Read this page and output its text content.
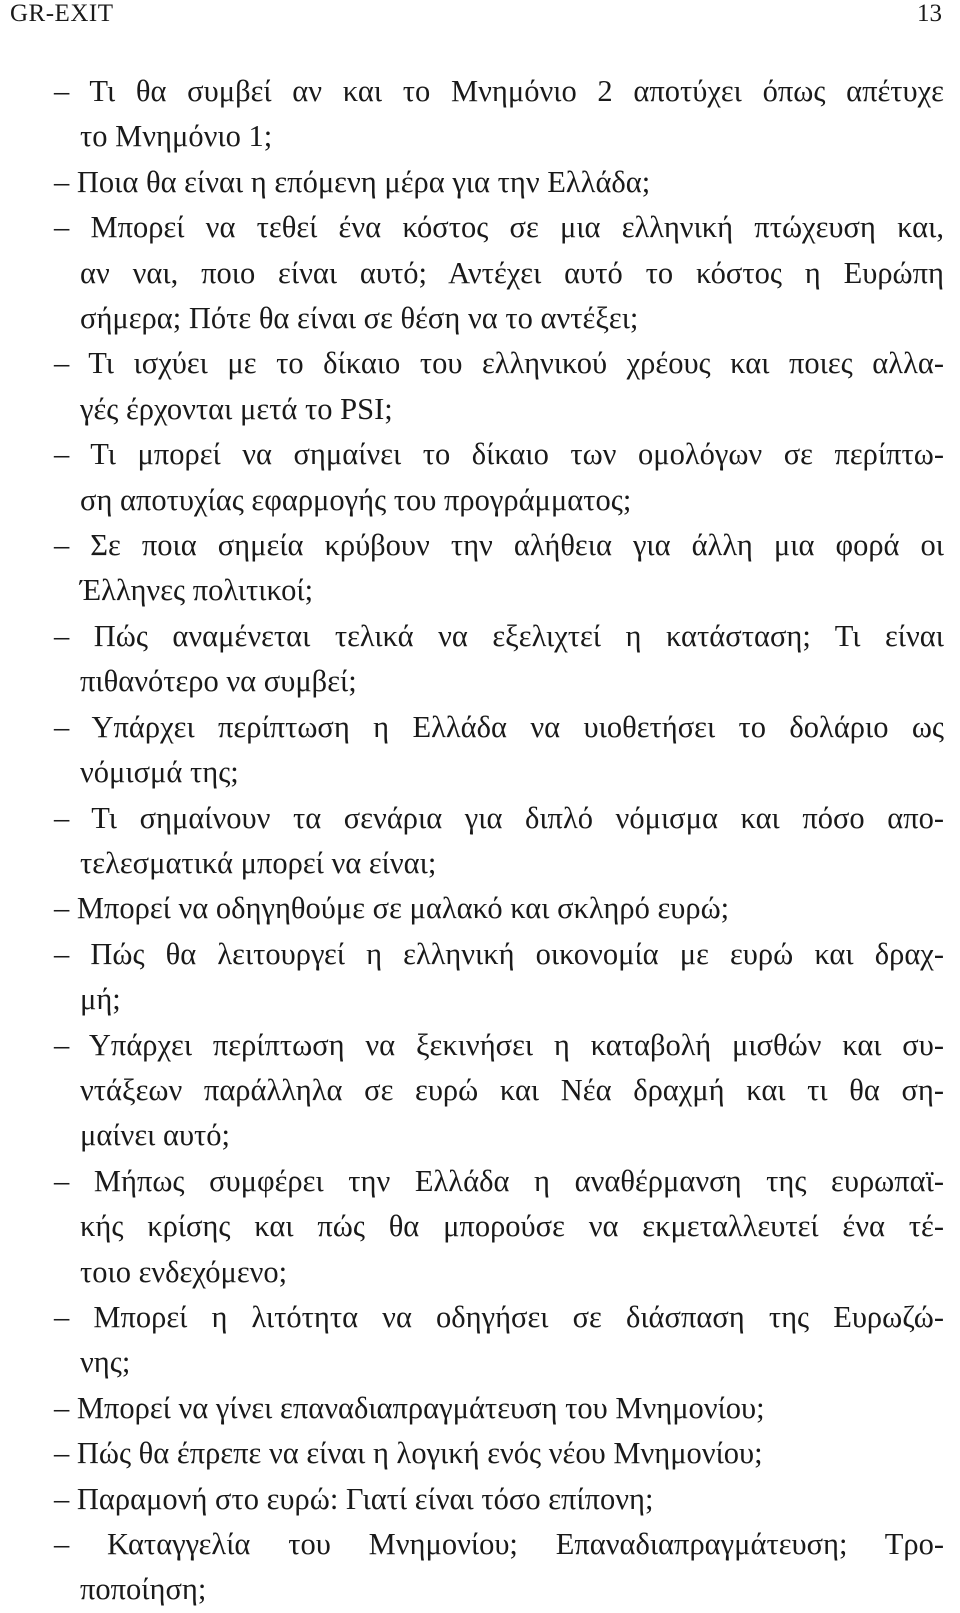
GR-EXIT	13
– Τι θα συμβεί αν και το Μνημόνιο 2 αποτύχει όπως απέτυχε
το Μνημόνιο 1;
– Ποια θα είναι η επόμενη μέρα για την Ελλάδα;
– Μπορεί να τεθεί ένα κόστος σε μια ελληνική πτώχευση και,
αν ναι, ποιο είναι αυτό; Αντέχει αυτό το κόστος η Ευρώπη
σήμερα; Πότε θα είναι σε θέση να το αντέξει;
– Τι ισχύει με το δίκαιο του ελληνικού χρέους και ποιες αλλα-
γές έρχονται μετά το PSI;
– Τι μπορεί να σημαίνει το δίκαιο των ομολόγων σε περίπτω-
ση αποτυχίας εφαρμογής του προγράμματος;
– Σε ποια σημεία κρύβουν την αλήθεια για άλλη μια φορά οι
Έλληνες πολιτικοί;
– Πώς αναμένεται τελικά να εξελιχτεί η κατάσταση; Τι είναι
πιθανότερο να συμβεί;
– Υπάρχει περίπτωση η Ελλάδα να υιοθετήσει το δολάριο ως
νόμισμά της;
– Τι σημαίνουν τα σενάρια για διπλό νόμισμα και πόσο απο-
τελεσματικά μπορεί να είναι;
– Μπορεί να οδηγηθούμε σε μαλακό και σκληρό ευρώ;
– Πώς θα λειτουργεί η ελληνική οικονομία με ευρώ και δραχ-
μή;
– Υπάρχει περίπτωση να ξεκινήσει η καταβολή μισθών και συ-
ντάξεων παράλληλα σε ευρώ και Νέα δραχμή και τι θα ση-
μαίνει αυτό;
– Μήπως συμφέρει την Ελλάδα η αναθέρμανση της ευρωπαϊ-
κής κρίσης και πώς θα μπορούσε να εκμεταλλευτεί ένα τέ-
τοιο ενδεχόμενο;
– Μπορεί η λιτότητα να οδηγήσει σε διάσπαση της Ευρωζώ-
νης;
– Μπορεί να γίνει επαναδιαπραγμάτευση του Μνημονίου;
– Πώς θα έπρεπε να είναι η λογική ενός νέου Μνημονίου;
– Παραμονή στο ευρώ: Γιατί είναι τόσο επίπονη;
– Καταγγελία του Μνημονίου; Επαναδιαπραγμάτευση; Τρο-
ποποίηση;
